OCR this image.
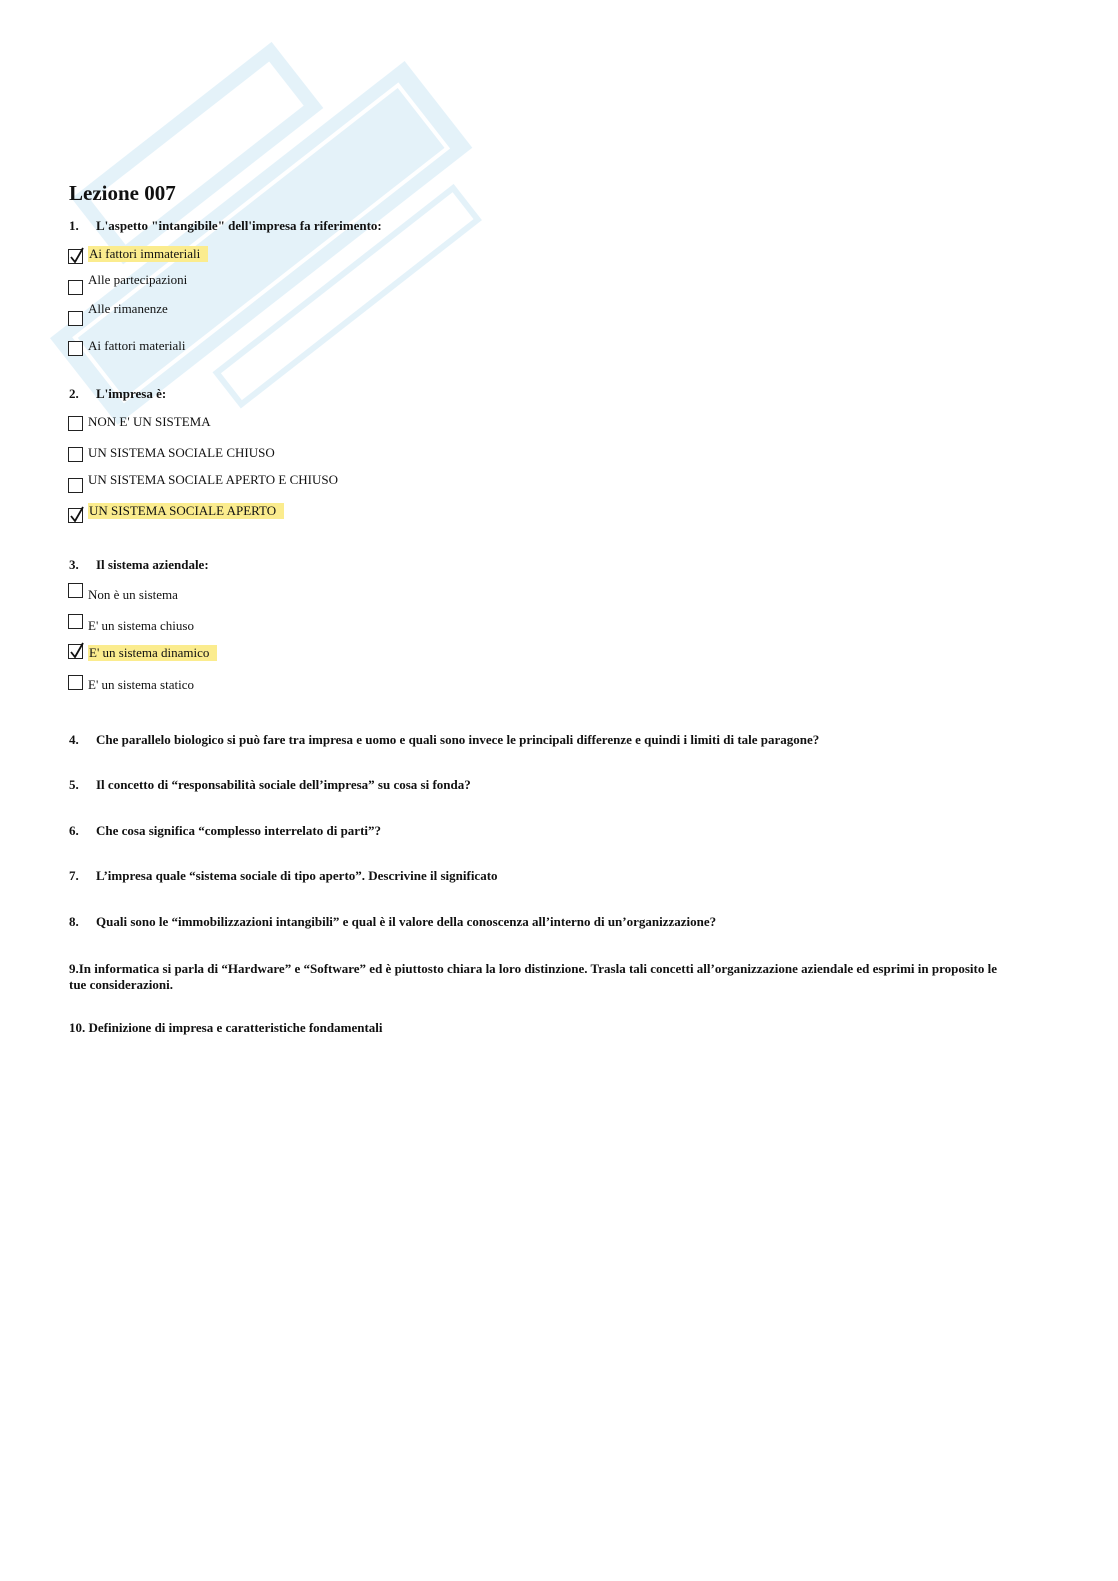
Lezione 007
1. L'aspetto "intangibile" dell'impresa fa riferimento:
Ai fattori immateriali
Alle partecipazioni
Alle rimanenze
Ai fattori materiali
2. L'impresa è:
NON E' UN SISTEMA
UN SISTEMA SOCIALE CHIUSO
UN SISTEMA SOCIALE APERTO E CHIUSO
UN SISTEMA SOCIALE APERTO
3. Il sistema aziendale:
Non è un sistema
E' un sistema chiuso
E' un sistema dinamico
E' un sistema statico
4. Che parallelo biologico si può fare tra impresa e uomo e quali sono invece le principali differenze e quindi i limiti di tale paragone?
5. Il concetto di “responsabilità sociale dell’impresa” su cosa si fonda?
6. Che cosa significa “complesso interrelato di parti”?
7. L’impresa quale “sistema sociale di tipo aperto”. Descrivine il significato
8. Quali sono le “immobilizzazioni intangibili” e qual è il valore della conoscenza all’interno di un’organizzazione?
9.In informatica si parla di “Hardware” e “Software” ed è piuttosto chiara la loro distinzione. Trasla tali concetti all’organizzazione aziendale ed esprimi in proposito le tue considerazioni.
10. Definizione di impresa e caratteristiche fondamentali
